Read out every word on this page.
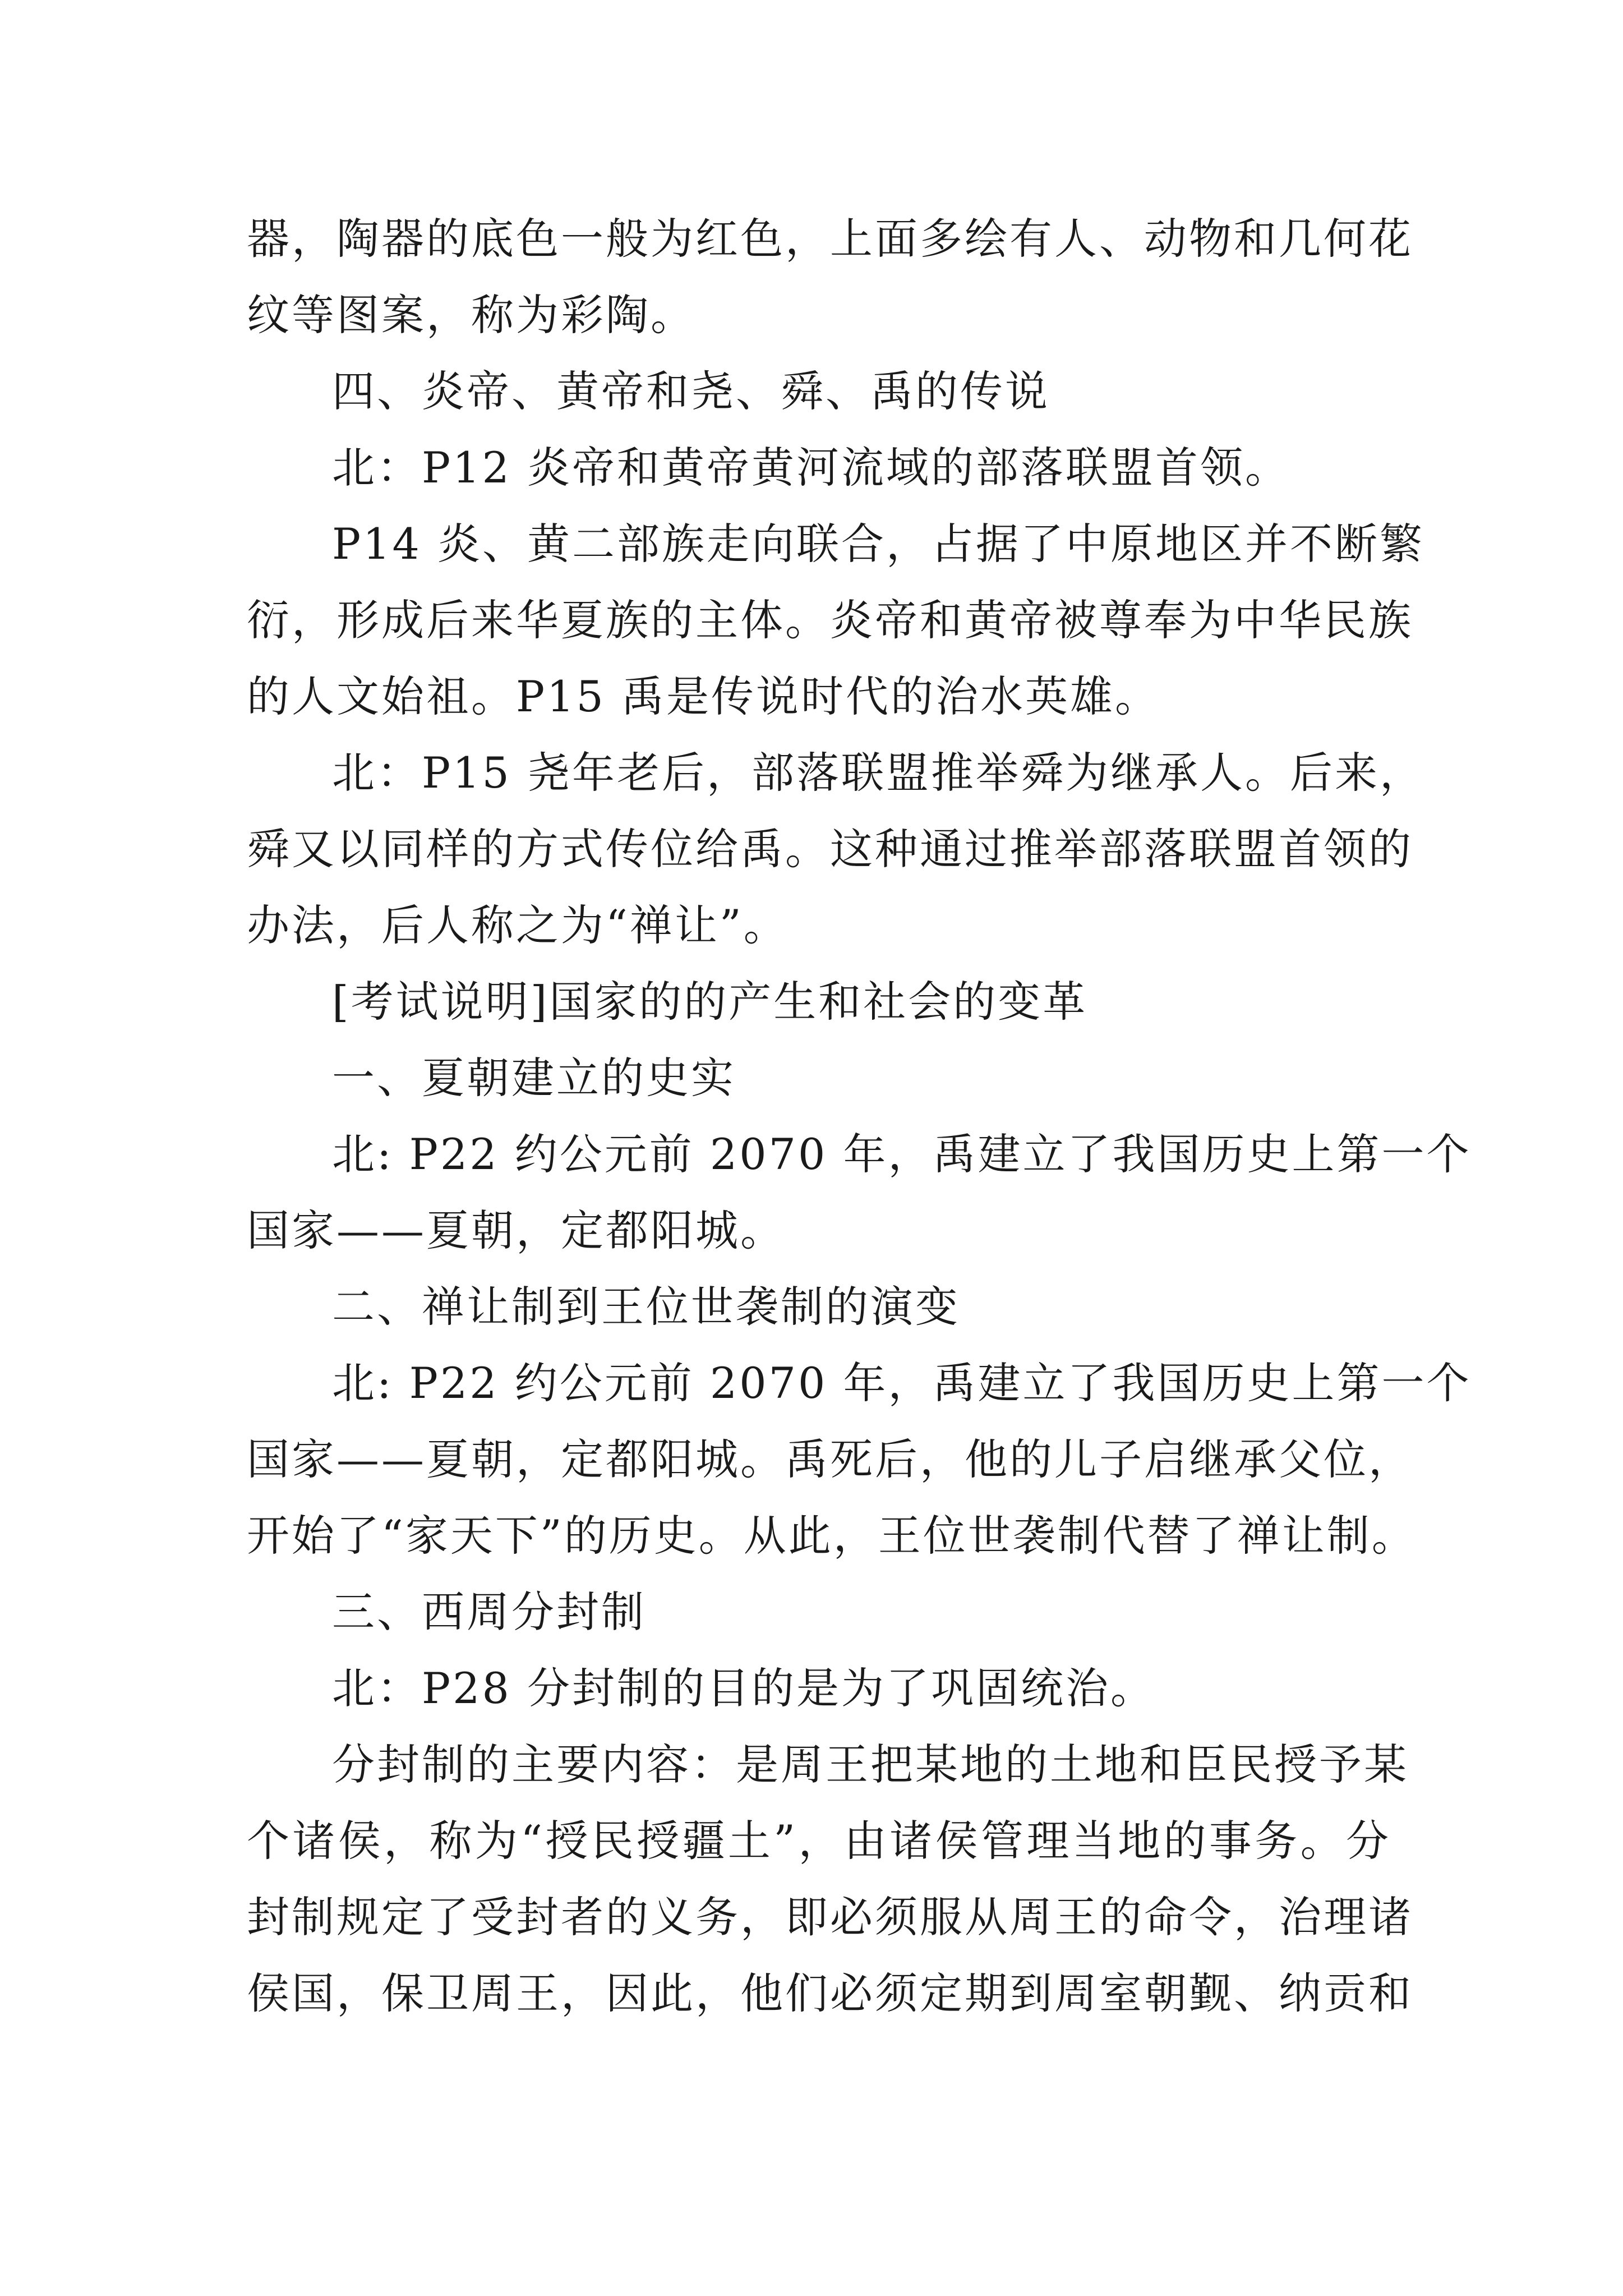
器，陶器的底色一般为红色，上面多绘有人、动物和几何花
纹等图案，称为彩陶。
四、炎帝、黄帝和尧、舜、禹的传说
北：P12 炎帝和黄帝黄河流域的部落联盟首领。
P14 炎、黄二部族走向联合，占据了中原地区并不断繁
衍，形成后来华夏族的主体。炎帝和黄帝被尊奉为中华民族
的人文始祖。P15 禹是传说时代的治水英雄。
北：P15 尧年老后，部落联盟推举舜为继承人。后来，
舜又以同样的方式传位给禹。这种通过推举部落联盟首领的
办法，后人称之为“禅让”。
[考试说明]国家的的产生和社会的变革
一、夏朝建立的史实
北: P22 约公元前 2070 年，禹建立了我国历史上第一个
国家——夏朝，定都阳城。
二、禅让制到王位世袭制的演变
北: P22 约公元前 2070 年，禹建立了我国历史上第一个
国家——夏朝，定都阳城。禹死后，他的儿子启继承父位，
开始了“家天下”的历史。从此，王位世袭制代替了禅让制。
三、西周分封制
北：P28 分封制的目的是为了巩固统治。
分封制的主要内容：是周王把某地的土地和臣民授予某
个诸侯，称为“授民授疆土”，由诸侯管理当地的事务。分
封制规定了受封者的义务，即必须服从周王的命令，治理诸
侯国，保卫周王，因此，他们必须定期到周室朝觐、纳贡和
